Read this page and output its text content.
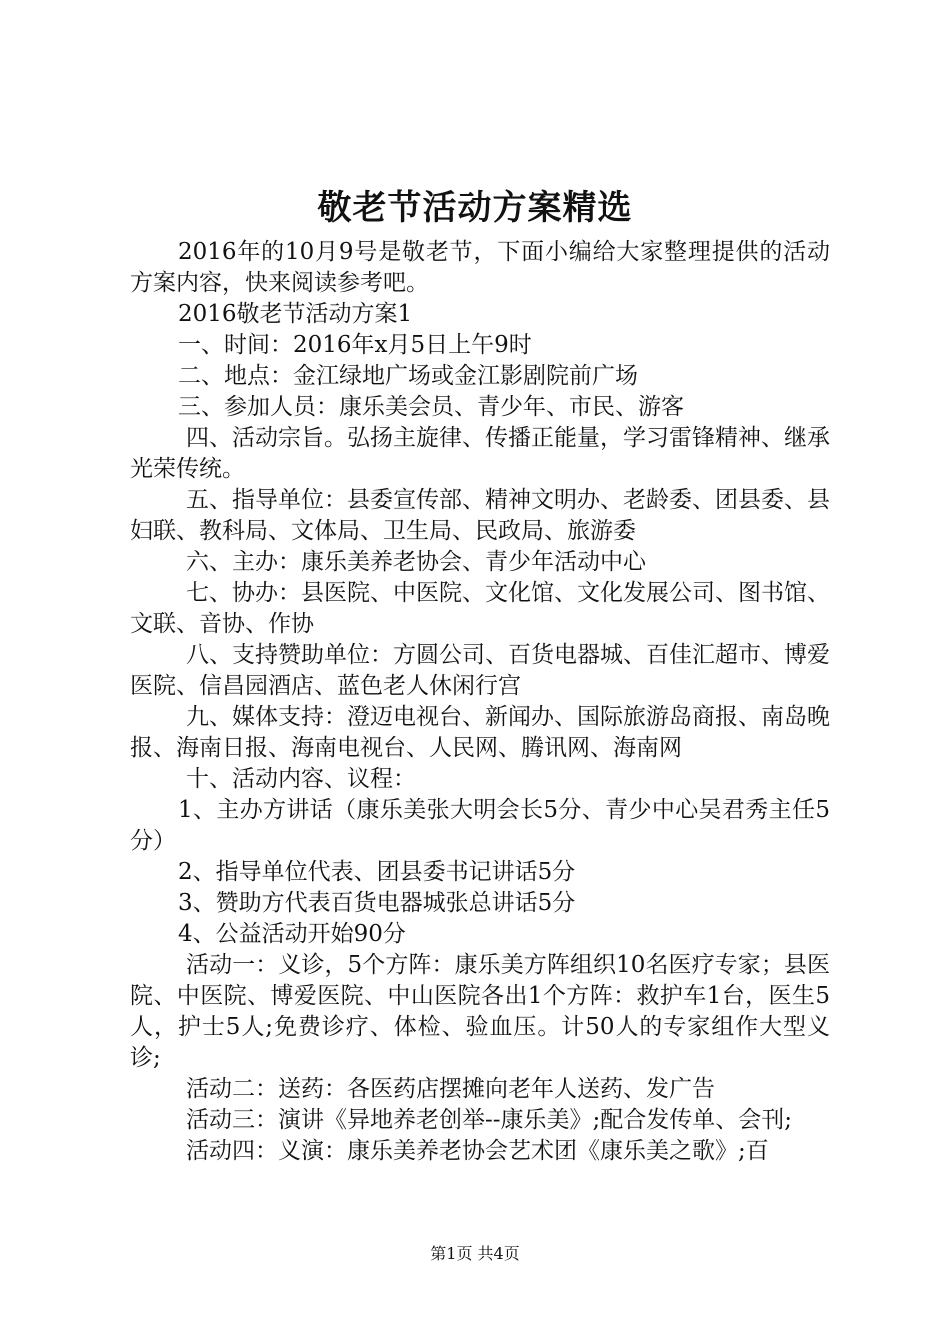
敬老节活动方案精选

2016年的10月9号是敬老节，下面小编给大家整理提供的活动方案内容，快来阅读参考吧。

2016敬老节活动方案1

一、时间：2016年x月5日上午9时

二、地点：金江绿地广场或金江影剧院前广场

三、参加人员：康乐美会员、青少年、市民、游客

四、活动宗旨。弘扬主旋律、传播正能量，学习雷锋精神、继承光荣传统。

五、指导单位：县委宣传部、精神文明办、老龄委、团县委、县妇联、教科局、文体局、卫生局、民政局、旅游委

六、主办：康乐美养老协会、青少年活动中心

七、协办：县医院、中医院、文化馆、文化发展公司、图书馆、文联、音协、作协

八、支持赞助单位：方圆公司、百货电器城、百佳汇超市、博爱医院、信昌园酒店、蓝色老人休闲行宫

九、媒体支持：澄迈电视台、新闻办、国际旅游岛商报、南岛晚报、海南日报、海南电视台、人民网、腾讯网、海南网

十、活动内容、议程：

1、主办方讲话（康乐美张大明会长5分、青少中心吴君秀主任5分）

2、指导单位代表、团县委书记讲话5分

3、赞助方代表百货电器城张总讲话5分

4、公益活动开始90分

活动一：义诊，5个方阵：康乐美方阵组织10名医疗专家；县医院、中医院、博爱医院、中山医院各出1个方阵：救护车1台，医生5人，护士5人;免费诊疗、体检、验血压。计50人的专家组作大型义诊;

活动二：送药：各医药店摆摊向老年人送药、发广告

活动三：演讲《异地养老创举--康乐美》;配合发传单、会刊;

活动四：义演：康乐美养老协会艺术团《康乐美之歌》;百

第1页 共4页
